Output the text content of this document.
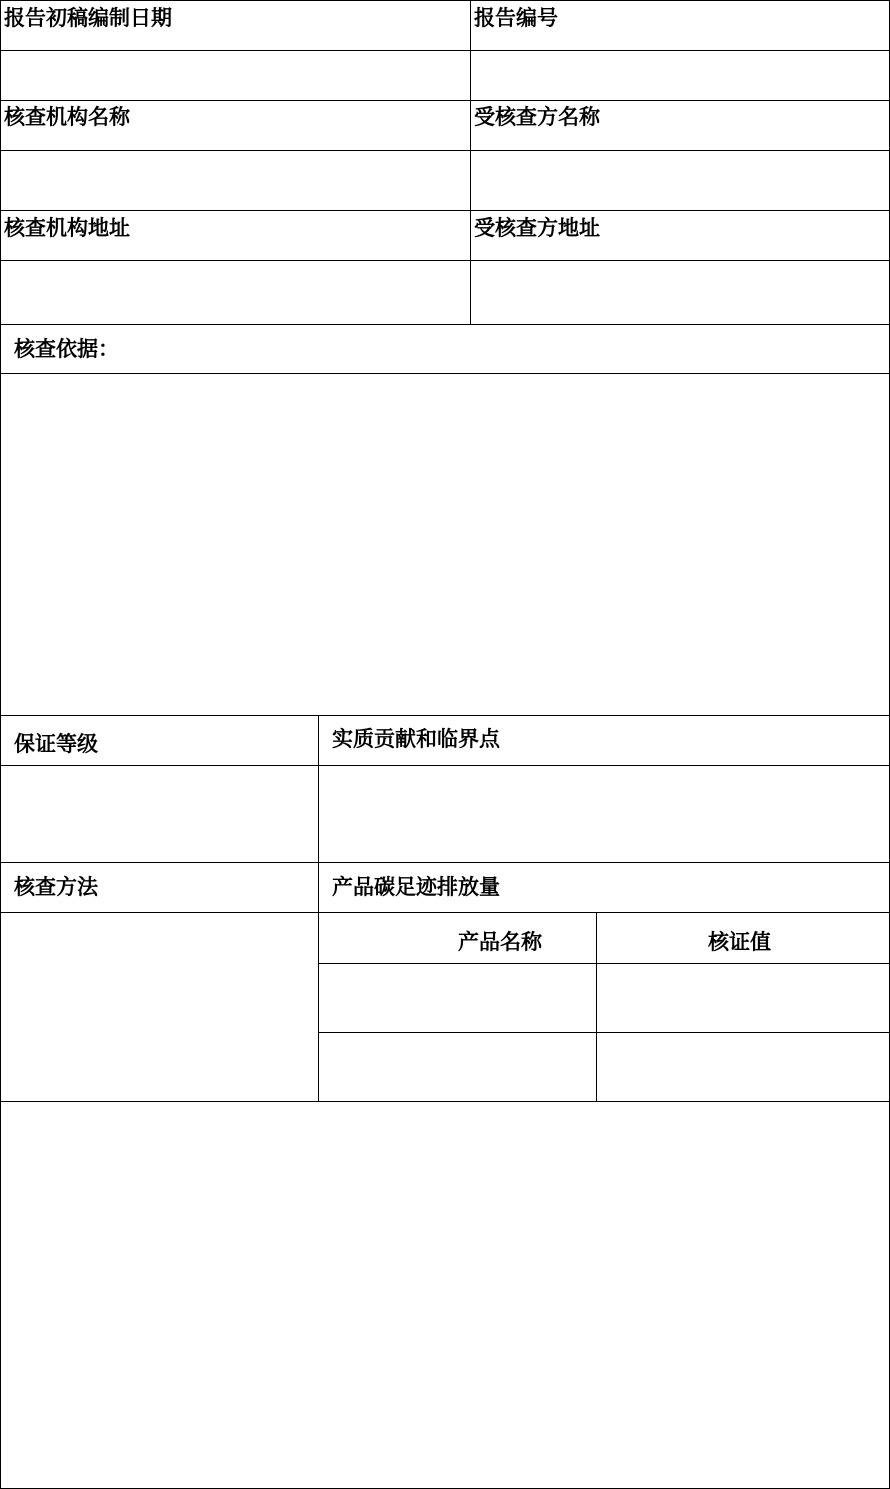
报告初稿编制日期	报告编号
核查机构名称	受核查方名称
核查机构地址	受核查方地址
核查依据：
保证等级	实质贡献和临界点
核查方法	产品碳足迹排放量
产品名称	核证值
